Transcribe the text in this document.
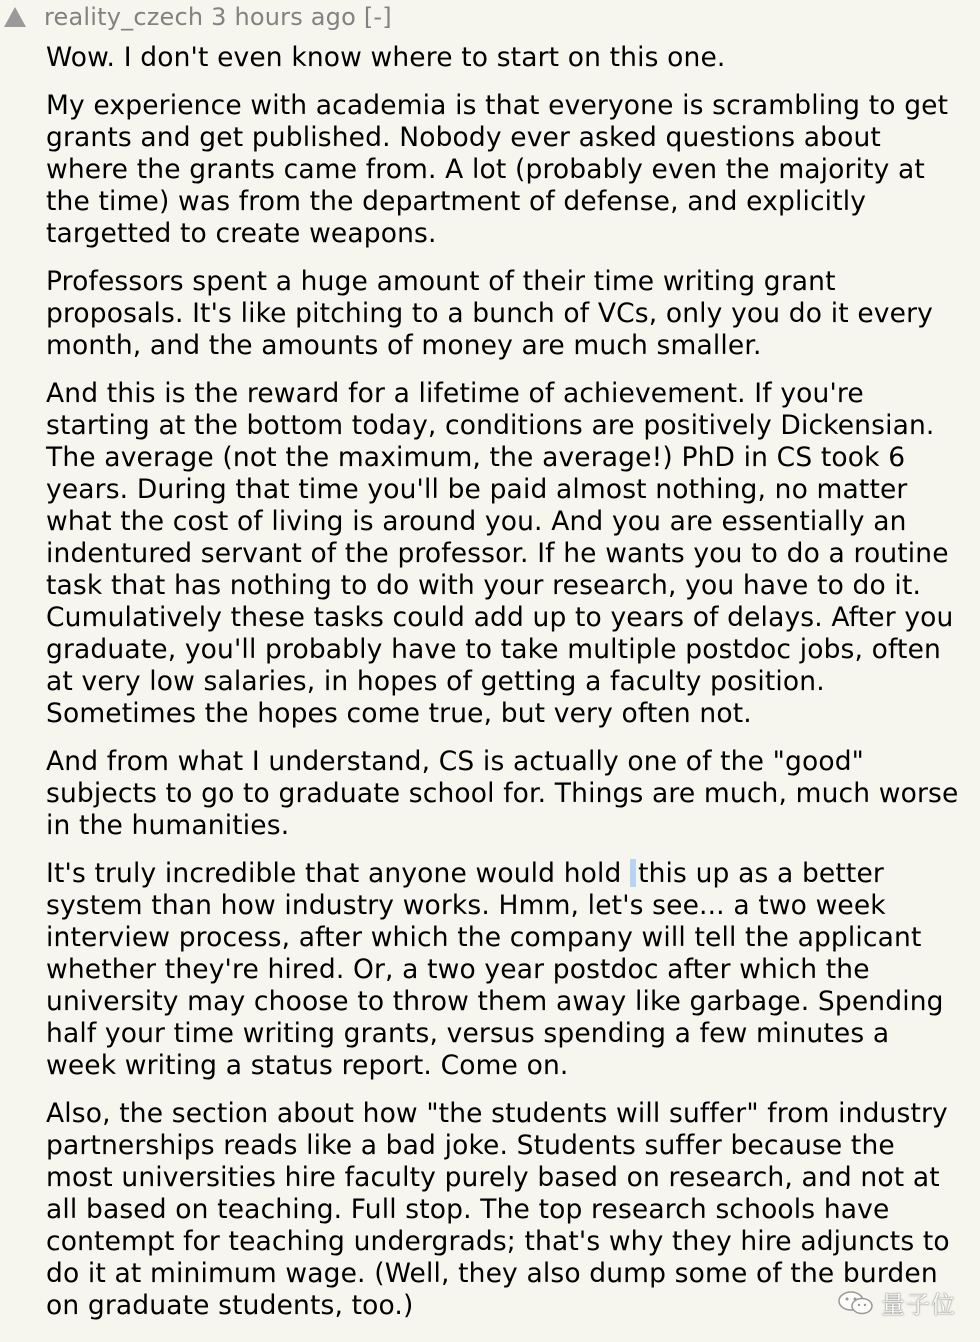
reality_czech 3 hours ago [-]

Wow. I don't even know where to start on this one.

My experience with academia is that everyone is scrambling to get grants and get published. Nobody ever asked questions about where the grants came from. A lot (probably even the majority at the time) was from the department of defense, and explicitly targetted to create weapons.

Professors spent a huge amount of their time writing grant proposals. It's like pitching to a bunch of VCs, only you do it every month, and the amounts of money are much smaller.

And this is the reward for a lifetime of achievement. If you're starting at the bottom today, conditions are positively Dickensian. The average (not the maximum, the average!) PhD in CS took 6 years. During that time you'll be paid almost nothing, no matter what the cost of living is around you. And you are essentially an indentured servant of the professor. If he wants you to do a routine task that has nothing to do with your research, you have to do it. Cumulatively these tasks could add up to years of delays. After you graduate, you'll probably have to take multiple postdoc jobs, often at very low salaries, in hopes of getting a faculty position. Sometimes the hopes come true, but very often not.

And from what I understand, CS is actually one of the "good" subjects to go to graduate school for. Things are much, much worse in the humanities.

It's truly incredible that anyone would hold this up as a better system than how industry works. Hmm, let's see... a two week interview process, after which the company will tell the applicant whether they're hired. Or, a two year postdoc after which the university may choose to throw them away like garbage. Spending half your time writing grants, versus spending a few minutes a week writing a status report. Come on.

Also, the section about how "the students will suffer" from industry partnerships reads like a bad joke. Students suffer because the most universities hire faculty purely based on research, and not at all based on teaching. Full stop. The top research schools have contempt for teaching undergrads; that's why they hire adjuncts to do it at minimum wage. (Well, they also dump some of the burden on graduate students, too.)	量子位
